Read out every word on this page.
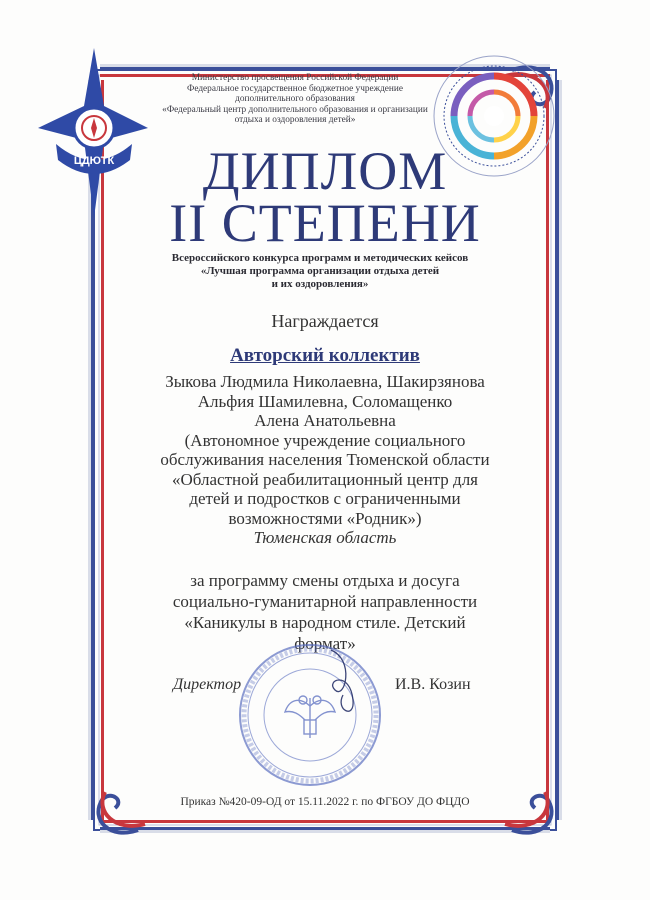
ЦДЮТК
Министерство просвещения Российской Федерации
Федеральное государственное бюджетное учреждение
дополнительного образования
«Федеральный центр дополнительного образования и организации
отдыха и оздоровления детей»
ДИПЛОМ
II СТЕПЕНИ
Всероссийского конкурса программ и методических кейсов
«Лучшая программа организации отдыха детей
и их оздоровления»
Награждается
Авторский коллектив
Зыкова Людмила Николаевна, Шакирзянова
Альфия Шамилевна, Соломащенко
Алена Анатольевна
(Автономное учреждение социального
обслуживания населения Тюменской области
«Областной реабилитационный центр для
детей и подростков с ограниченными
возможностями «Родник»)
Тюменская область
за программу смены отдыха и досуга
социально-гуманитарной направленности
«Каникулы в народном стиле. Детский
формат»
Директор	И.В. Козин
Приказ №420-09-ОД от 15.11.2022 г. по ФГБОУ ДО ФЦДО
